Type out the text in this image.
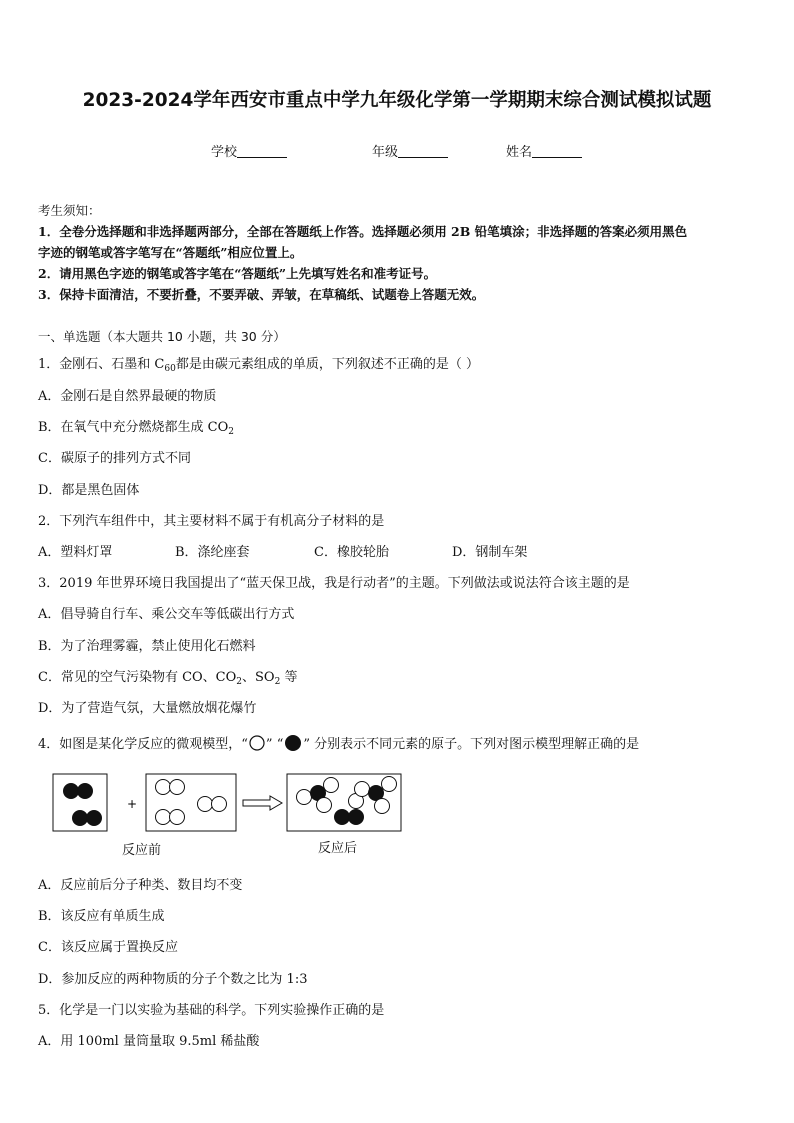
2023-2024学年西安市重点中学九年级化学第一学期期末综合测试模拟试题
学校	年级	姓名
考生须知：
1．全卷分选择题和非选择题两部分，全部在答题纸上作答。选择题必须用 2B 铅笔填涂；非选择题的答案必须用黑色
字迹的钢笔或答字笔写在“答题纸”相应位置上。
2．请用黑色字迹的钢笔或答字笔在“答题纸”上先填写姓名和准考证号。
3．保持卡面清洁，不要折叠，不要弄破、弄皱，在草稿纸、试题卷上答题无效。
一、单选题（本大题共 10 小题，共 30 分）
1．金刚石、石墨和 $C_{60}$都是由碳元素组成的单质，下列叙述不正确的是（ ）
A．金刚石是自然界最硬的物质
B．在氧气中充分燃烧都生成 $CO_2$
C．碳原子的排列方式不同
D．都是黑色固体
2．下列汽车组件中，其主要材料不属于有机高分子材料的是
A．塑料灯罩	B．涤纶座套	C．橡胶轮胎	D．钢制车架
3．2019 年世界环境日我国提出了“蓝天保卫战，我是行动者”的主题。下列做法或说法符合该主题的是
A．倡导骑自行车、乘公交车等低碳出行方式
B．为了治理雾霾，禁止使用化石燃料
C．常见的空气污染物有 CO、$CO_2$、$SO_2$ 等
D．为了营造气氛，大量燃放烟花爆竹
4．如图是某化学反应的微观模型，“ ” “ ” 分别表示不同元素的原子。下列对图示模型理解正确的是
+
反应前	反应后
A．反应前后分子种类、数目均不变
B．该反应有单质生成
C．该反应属于置换反应
D．参加反应的两种物质的分子个数之比为 1:3
5．化学是一门以实验为基础的科学。下列实验操作正确的是
A．用 100ml 量筒量取 9.5ml 稀盐酸
